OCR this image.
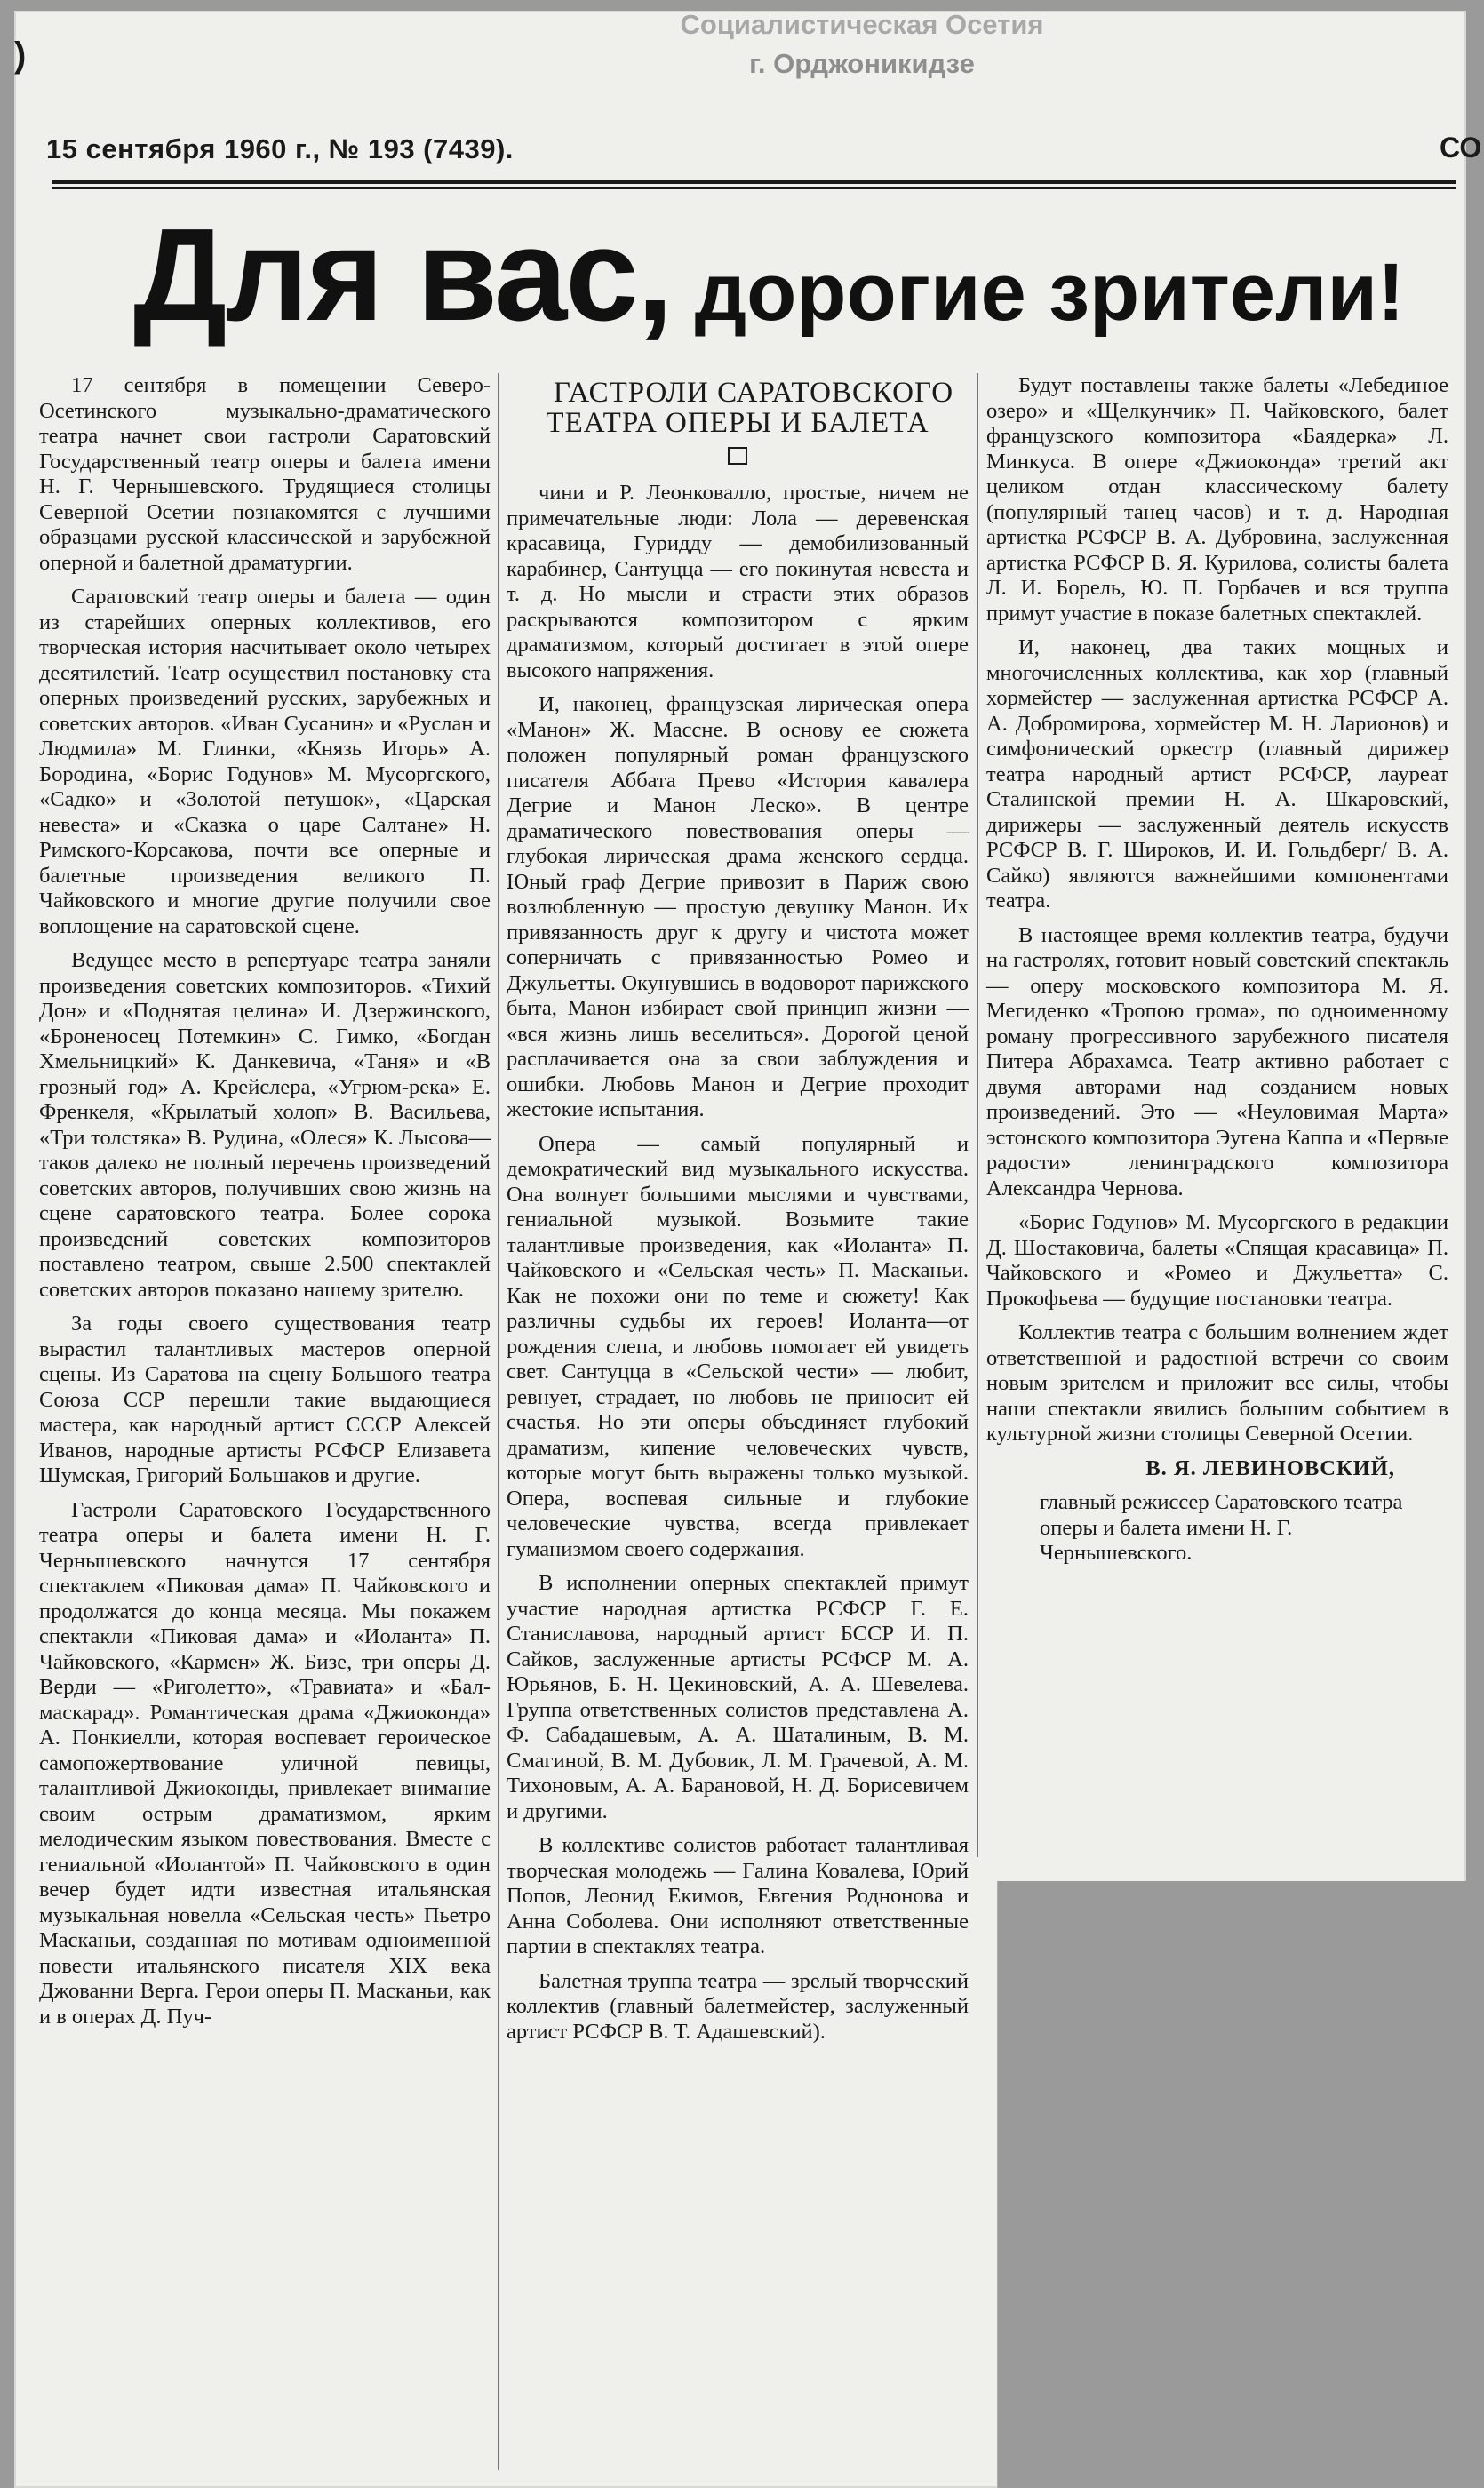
)
Социалистическая Осетия
г. Орджоникидзе
15 сентября 1960 г., № 193 (7439).	СО
Для вас, дорогие зрители!

17 сентября в помещении Северо-Осетинского музыкально-драматического театра начнет свои гастроли Саратовский Государственный театр оперы и балета имени Н. Г. Чернышевского. Трудящиеся столицы Северной Осетии познакомятся с лучшими образцами русской классической и зарубежной оперной и балетной драматургии.

Саратовский театр оперы и балета — один из старейших оперных коллективов, его творческая история насчитывает около четырех десятилетий. Театр осуществил постановку ста оперных произведений русских, зарубежных и советских авторов. «Иван Сусанин» и «Руслан и Людмила» М. Глинки, «Князь Игорь» А. Бородина, «Борис Годунов» М. Мусоргского, «Садко» и «Золотой петушок», «Царская невеста» и «Сказка о царе Салтане» Н. Римского-Корсакова, почти все оперные и балетные произведения великого П. Чайковского и многие другие получили свое воплощение на саратовской сцене.

Ведущее место в репертуаре театра заняли произведения советских композиторов. «Тихий Дон» и «Поднятая целина» И. Дзержинского, «Броненосец Потемкин» С. Гимко, «Богдан Хмельницкий» К. Данкевича, «Таня» и «В грозный год» А. Крейслера, «Угрюм-река» Е. Френкеля, «Крылатый холоп» В. Васильева, «Три толстяка» В. Рудина, «Олеся» К. Лысова—таков далеко не полный перечень произведений советских авторов, получивших свою жизнь на сцене саратовского театра. Более сорока произведений советских композиторов поставлено театром, свыше 2.500 спектаклей советских авторов показано нашему зрителю.

За годы своего существования театр вырастил талантливых мастеров оперной сцены. Из Саратова на сцену Большого театра Союза ССР перешли такие выдающиеся мастера, как народный артист СССР Алексей Иванов, народные артисты РСФСР Елизавета Шумская, Григорий Большаков и другие.

Гастроли Саратовского Государственного театра оперы и балета имени Н. Г. Чернышевского начнутся 17 сентября спектаклем «Пиковая дама» П. Чайковского и продолжатся до конца месяца. Мы покажем спектакли «Пиковая дама» и «Иоланта» П. Чайковского, «Кармен» Ж. Бизе, три оперы Д. Верди — «Риголетто», «Травиата» и «Бал-маскарад». Романтическая драма «Джиоконда» А. Понкиелли, которая воспевает героическое самопожертвование уличной певицы, талантливой Джиоконды, привлекает внимание своим острым драматизмом, ярким мелодическим языком повествования. Вместе с гениальной «Иолантой» П. Чайковского в один вечер будет идти известная итальянская музыкальная новелла «Сельская честь» Пьетро Масканьи, созданная по мотивам одноименной повести итальянского писателя XIX века Джованни Верга. Герои оперы П. Масканьи, как и в операх Д. Пуч-

ГАСТРОЛИ САРАТОВСКОГО ТЕАТРА ОПЕРЫ И БАЛЕТА

чини и Р. Леонковалло, простые, ничем не примечательные люди: Лола — деревенская красавица, Гуридду — демобилизованный карабинер, Сантуцца — его покинутая невеста и т. д. Но мысли и страсти этих образов раскрываются композитором с ярким драматизмом, который достигает в этой опере высокого напряжения.

И, наконец, французская лирическая опера «Манон» Ж. Массне. В основу ее сюжета положен популярный роман французского писателя Аббата Прево «История кавалера Дегрие и Манон Леско». В центре драматического повествования оперы — глубокая лирическая драма женского сердца. Юный граф Дегрие привозит в Париж свою возлюбленную — простую девушку Манон. Их привязанность друг к другу и чистота может соперничать с привязанностью Ромео и Джульетты. Окунувшись в водоворот парижского быта, Манон избирает свой принцип жизни — «вся жизнь лишь веселиться». Дорогой ценой расплачивается она за свои заблуждения и ошибки. Любовь Манон и Дегрие проходит жестокие испытания.

Опера — самый популярный и демократический вид музыкального искусства. Она волнует большими мыслями и чувствами, гениальной музыкой. Возьмите такие талантливые произведения, как «Иоланта» П. Чайковского и «Сельская честь» П. Масканьи. Как не похожи они по теме и сюжету! Как различны судьбы их героев! Иоланта—от рождения слепа, и любовь помогает ей увидеть свет. Сантуцца в «Сельской чести» — любит, ревнует, страдает, но любовь не приносит ей счастья. Но эти оперы объединяет глубокий драматизм, кипение человеческих чувств, которые могут быть выражены только музыкой. Опера, воспевая сильные и глубокие человеческие чувства, всегда привлекает гуманизмом своего содержания.

В исполнении оперных спектаклей примут участие народная артистка РСФСР Г. Е. Станиславова, народный артист БССР И. П. Сайков, заслуженные артисты РСФСР М. А. Юрьянов, Б. Н. Цекиновский, А. А. Шевелева. Группа ответственных солистов представлена А. Ф. Сабадашевым, А. А. Шаталиным, В. М. Смагиной, В. М. Дубовик, Л. М. Грачевой, А. М. Тихоновым, А. А. Барановой, Н. Д. Борисевичем и другими.

В коллективе солистов работает талантливая творческая молодежь — Галина Ковалева, Юрий Попов, Леонид Екимов, Евгения Роднонова и Анна Соболева. Они исполняют ответственные партии в спектаклях театра.

Балетная труппа театра — зрелый творческий коллектив (главный балетмейстер, заслуженный артист РСФСР В. Т. Адашевский).

Будут поставлены также балеты «Лебединое озеро» и «Щелкунчик» П. Чайковского, балет французского композитора «Баядерка» Л. Минкуса. В опере «Джиоконда» третий акт целиком отдан классическому балету (популярный танец часов) и т. д. Народная артистка РСФСР В. А. Дубровина, заслуженная артистка РСФСР В. Я. Курилова, солисты балета Л. И. Борель, Ю. П. Горбачев и вся труппа примут участие в показе балетных спектаклей.

И, наконец, два таких мощных и многочисленных коллектива, как хор (главный хормейстер — заслуженная артистка РСФСР А. А. Добромирова, хормейстер М. Н. Ларионов) и симфонический оркестр (главный дирижер театра народный артист РСФСР, лауреат Сталинской премии Н. А. Шкаровский, дирижеры — заслуженный деятель искусств РСФСР В. Г. Широков, И. И. Гольдберг/ В. А. Сайко) являются важнейшими компонентами театра.

В настоящее время коллектив театра, будучи на гастролях, готовит новый советский спектакль — оперу московского композитора М. Я. Мегиденко «Тропою грома», по одноименному роману прогрессивного зарубежного писателя Питера Абрахамса. Театр активно работает с двумя авторами над созданием новых произведений. Это — «Неуловимая Марта» эстонского композитора Эугена Каппа и «Первые радости» ленинградского композитора Александра Чернова.

«Борис Годунов» М. Мусоргского в редакции Д. Шостаковича, балеты «Спящая красавица» П. Чайковского и «Ромео и Джульетта» С. Прокофьева — будущие постановки театра.

Коллектив театра с большим волнением ждет ответственной и радостной встречи со своим новым зрителем и приложит все силы, чтобы наши спектакли явились большим событием в культурной жизни столицы Северной Осетии.

В. Я. ЛЕВИНОВСКИЙ,

главный режиссер Саратовского театра оперы и балета имени Н. Г. Чернышевского.
